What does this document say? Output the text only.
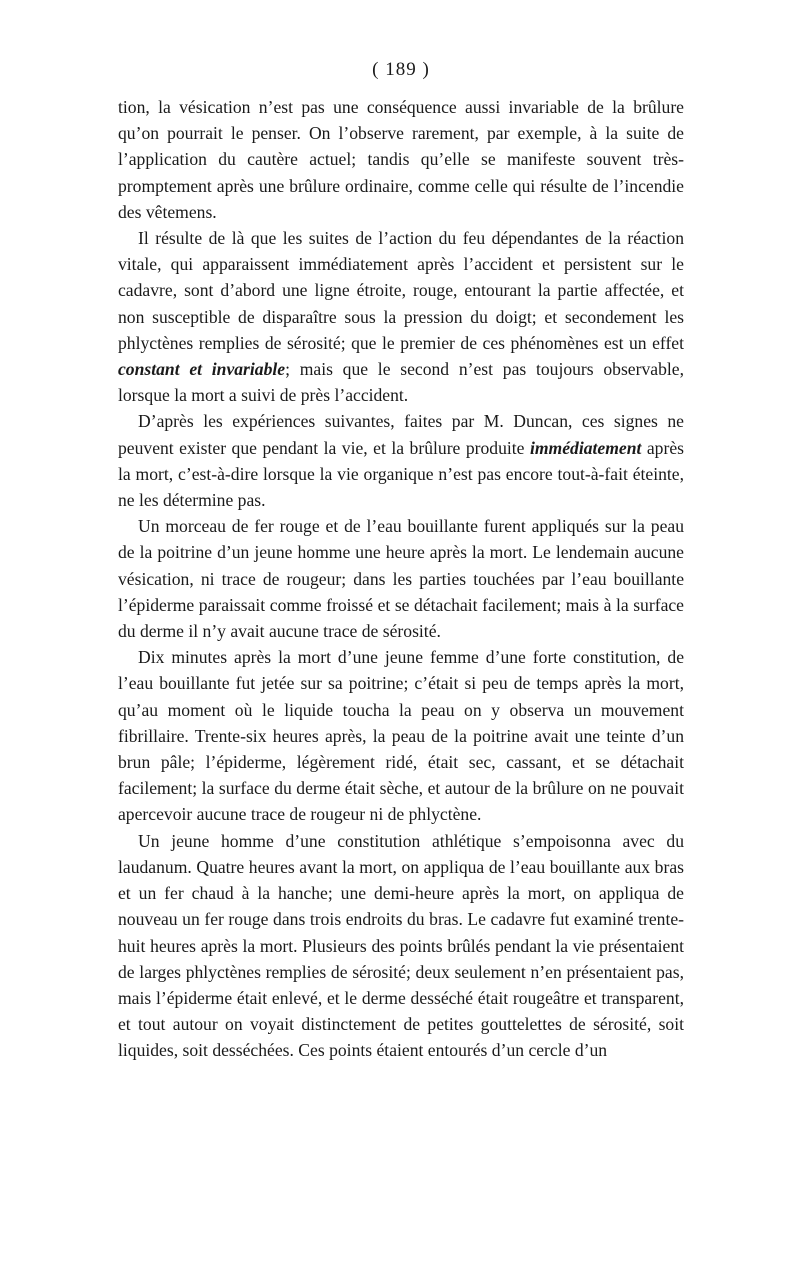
( 189 )

tion, la vésication n’est pas une conséquence aussi invariable de la brûlure qu’on pourrait le penser. On l’observe rarement, par exemple, à la suite de l’application du cautère actuel; tandis qu’elle se manifeste souvent très-promptement après une brûlure ordinaire, comme celle qui résulte de l’incendie des vêtemens.

Il résulte de là que les suites de l’action du feu dépendantes de la réaction vitale, qui apparaissent immédiatement après l’accident et persistent sur le cadavre, sont d’abord une ligne étroite, rouge, entourant la partie affectée, et non susceptible de disparaître sous la pression du doigt; et secondement les phlyctènes remplies de sérosité; que le premier de ces phénomènes est un effet constant et invariable; mais que le second n’est pas toujours observable, lorsque la mort a suivi de près l’accident.

D’après les expériences suivantes, faites par M. Duncan, ces signes ne peuvent exister que pendant la vie, et la brûlure produite immédiatement après la mort, c’est-à-dire lorsque la vie organique n’est pas encore tout-à-fait éteinte, ne les détermine pas.

Un morceau de fer rouge et de l’eau bouillante furent appliqués sur la peau de la poitrine d’un jeune homme une heure après la mort. Le lendemain aucune vésication, ni trace de rougeur; dans les parties touchées par l’eau bouillante l’épiderme paraissait comme froissé et se détachait facilement; mais à la surface du derme il n’y avait aucune trace de sérosité.

Dix minutes après la mort d’une jeune femme d’une forte constitution, de l’eau bouillante fut jetée sur sa poitrine; c’était si peu de temps après la mort, qu’au moment où le liquide toucha la peau on y observa un mouvement fibrillaire. Trente-six heures après, la peau de la poitrine avait une teinte d’un brun pâle; l’épiderme, légèrement ridé, était sec, cassant, et se détachait facilement; la surface du derme était sèche, et autour de la brûlure on ne pouvait apercevoir aucune trace de rougeur ni de phlyctène.

Un jeune homme d’une constitution athlétique s’empoisonna avec du laudanum. Quatre heures avant la mort, on appliqua de l’eau bouillante aux bras et un fer chaud à la hanche; une demi-heure après la mort, on appliqua de nouveau un fer rouge dans trois endroits du bras. Le cadavre fut examiné trente-huit heures après la mort. Plusieurs des points brûlés pendant la vie présentaient de larges phlyctènes remplies de sérosité; deux seulement n’en présentaient pas, mais l’épiderme était enlevé, et le derme desséché était rougeâtre et transparent, et tout autour on voyait distinctement de petites gouttelettes de sérosité, soit liquides, soit desséchées. Ces points étaient entourés d’un cercle d’un
